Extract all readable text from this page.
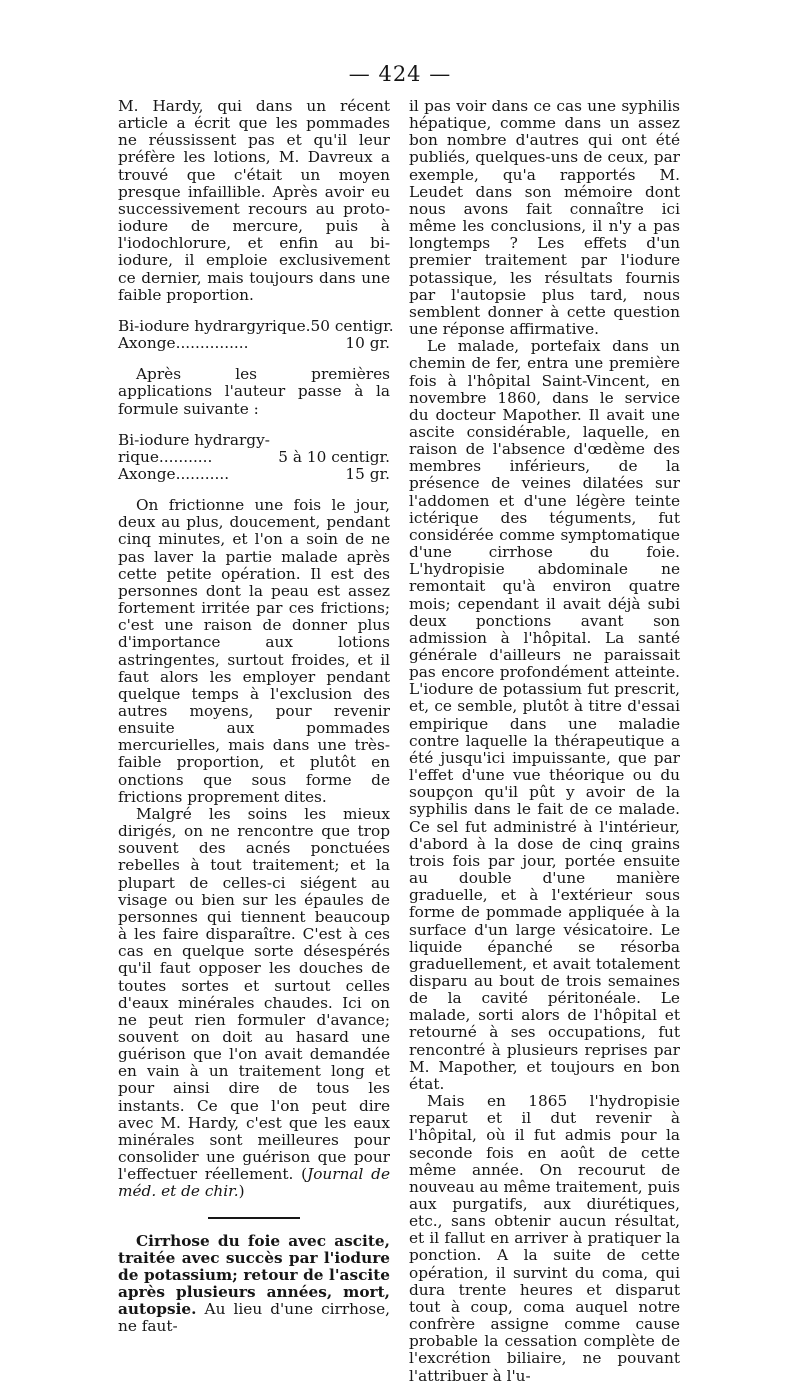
— 424 —

M. Hardy, qui dans un récent article a écrit que les pommades ne réussissent pas et qu'il leur préfère les lotions, M. Davreux a trouvé que c'était un moyen presque infaillible. Après avoir eu successivement recours au proto-iodure de mercure, puis à l'iodochlorure, et enfin au bi-iodure, il emploie exclusivement ce dernier, mais toujours dans une faible proportion.

Bi-iodure hydrargyrique. 50 centigr.
Axonge...............	10 gr.

Après les premières applications l'auteur passe à la formule suivante :

Bi-iodure hydrargy-
rique...........	5 à 10 centigr.
Axonge...........	15 gr.

On frictionne une fois le jour, deux au plus, doucement, pendant cinq minutes, et l'on a soin de ne pas laver la partie malade après cette petite opération. Il est des personnes dont la peau est assez fortement irritée par ces frictions; c'est une raison de donner plus d'importance aux lotions astringentes, surtout froides, et il faut alors les employer pendant quelque temps à l'exclusion des autres moyens, pour revenir ensuite aux pommades mercurielles, mais dans une très-faible proportion, et plutôt en onctions que sous forme de frictions proprement dites.

Malgré les soins les mieux dirigés, on ne rencontre que trop souvent des acnés ponctuées rebelles à tout traitement; et la plupart de celles-ci siégent au visage ou bien sur les épaules de personnes qui tiennent beaucoup à les faire disparaître. C'est à ces cas en quelque sorte désespérés qu'il faut opposer les douches de toutes sortes et surtout celles d'eaux minérales chaudes. Ici on ne peut rien formuler d'avance; souvent on doit au hasard une guérison que l'on avait demandée en vain à un traitement long et pour ainsi dire de tous les instants. Ce que l'on peut dire avec M. Hardy, c'est que les eaux minérales sont meilleures pour consolider une guérison que pour l'effectuer réellement. (Journal de méd. et de chir.)

Cirrhose du foie avec ascite, traitée avec succès par l'iodure de potassium; retour de l'ascite après plusieurs années, mort, autopsie. Au lieu d'une cirrhose, ne faut-

il pas voir dans ce cas une syphilis hépatique, comme dans un assez bon nombre d'autres qui ont été publiés, quelques-uns de ceux, par exemple, qu'a rapportés M. Leudet dans son mémoire dont nous avons fait connaître ici même les conclusions, il n'y a pas longtemps ? Les effets d'un premier traitement par l'iodure potassique, les résultats fournis par l'autopsie plus tard, nous semblent donner à cette question une réponse affirmative.

Le malade, portefaix dans un chemin de fer, entra une première fois à l'hôpital Saint-Vincent, en novembre 1860, dans le service du docteur Mapother. Il avait une ascite considérable, laquelle, en raison de l'absence d'œdème des membres inférieurs, de la présence de veines dilatées sur l'addomen et d'une légère teinte ictérique des téguments, fut considérée comme symptomatique d'une cirrhose du foie. L'hydropisie abdominale ne remontait qu'à environ quatre mois; cependant il avait déjà subi deux ponctions avant son admission à l'hôpital. La santé générale d'ailleurs ne paraissait pas encore profondément atteinte. L'iodure de potassium fut prescrit, et, ce semble, plutôt à titre d'essai empirique dans une maladie contre laquelle la thérapeutique a été jusqu'ici impuissante, que par l'effet d'une vue théorique ou du soupçon qu'il pût y avoir de la syphilis dans le fait de ce malade. Ce sel fut administré à l'intérieur, d'abord à la dose de cinq grains trois fois par jour, portée ensuite au double d'une manière graduelle, et à l'extérieur sous forme de pommade appliquée à la surface d'un large vésicatoire. Le liquide épanché se résorba graduellement, et avait totalement disparu au bout de trois semaines de la cavité péritonéale. Le malade, sorti alors de l'hôpital et retourné à ses occupations, fut rencontré à plusieurs reprises par M. Mapother, et toujours en bon état.

Mais en 1865 l'hydropisie reparut et il dut revenir à l'hôpital, où il fut admis pour la seconde fois en août de cette même année. On recourut de nouveau au même traitement, puis aux purgatifs, aux diurétiques, etc., sans obtenir aucun résultat, et il fallut en arriver à pratiquer la ponction. A la suite de cette opération, il survint du coma, qui dura trente heures et disparut tout à coup, coma auquel notre confrère assigne comme cause probable la cessation complète de l'excrétion biliaire, ne pouvant l'attribuer à l'u-
